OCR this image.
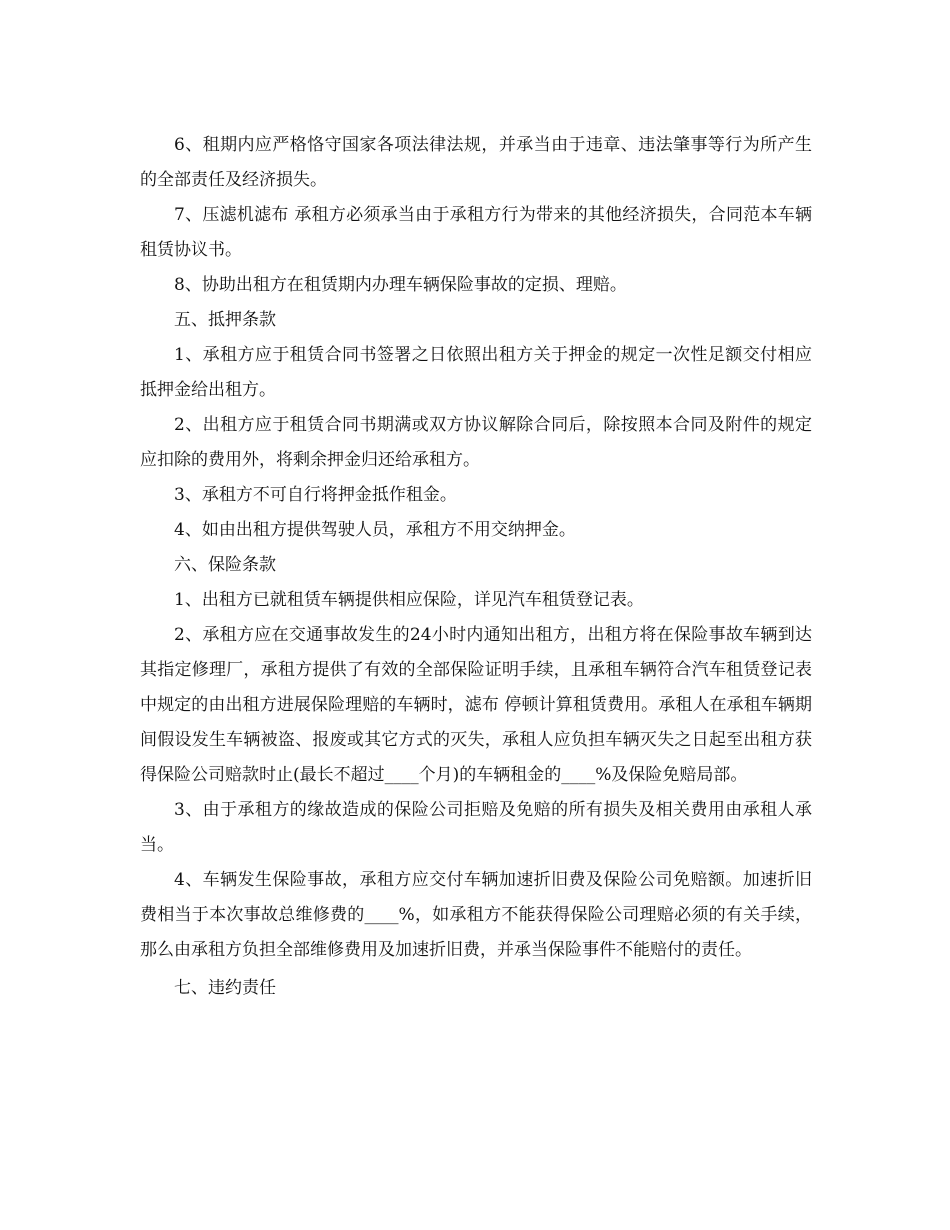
6、租期内应严格恪守国家各项法律法规，并承当由于违章、违法肇事等行为所产生的全部责任及经济损失。

7、压滤机滤布 承租方必须承当由于承租方行为带来的其他经济损失，合同范本车辆租赁协议书。

8、协助出租方在租赁期内办理车辆保险事故的定损、理赔。

五、抵押条款

1、承租方应于租赁合同书签署之日依照出租方关于押金的规定一次性足额交付相应抵押金给出租方。

2、出租方应于租赁合同书期满或双方协议解除合同后，除按照本合同及附件的规定应扣除的费用外，将剩余押金归还给承租方。

3、承租方不可自行将押金抵作租金。

4、如由出租方提供驾驶人员，承租方不用交纳押金。

六、保险条款

1、出租方已就租赁车辆提供相应保险，详见汽车租赁登记表。

2、承租方应在交通事故发生的24小时内通知出租方，出租方将在保险事故车辆到达其指定修理厂，承租方提供了有效的全部保险证明手续，且承租车辆符合汽车租赁登记表中规定的由出租方进展保险理赔的车辆时，滤布 停顿计算租赁费用。承租人在承租车辆期间假设发生车辆被盗、报废或其它方式的灭失，承租人应负担车辆灭失之日起至出租方获得保险公司赔款时止(最长不超过____个月)的车辆租金的____%及保险免赔局部。

3、由于承租方的缘故造成的保险公司拒赔及免赔的所有损失及相关费用由承租人承当。

4、车辆发生保险事故，承租方应交付车辆加速折旧费及保险公司免赔额。加速折旧费相当于本次事故总维修费的____%，如承租方不能获得保险公司理赔必须的有关手续，那么由承租方负担全部维修费用及加速折旧费，并承当保险事件不能赔付的责任。

七、违约责任
